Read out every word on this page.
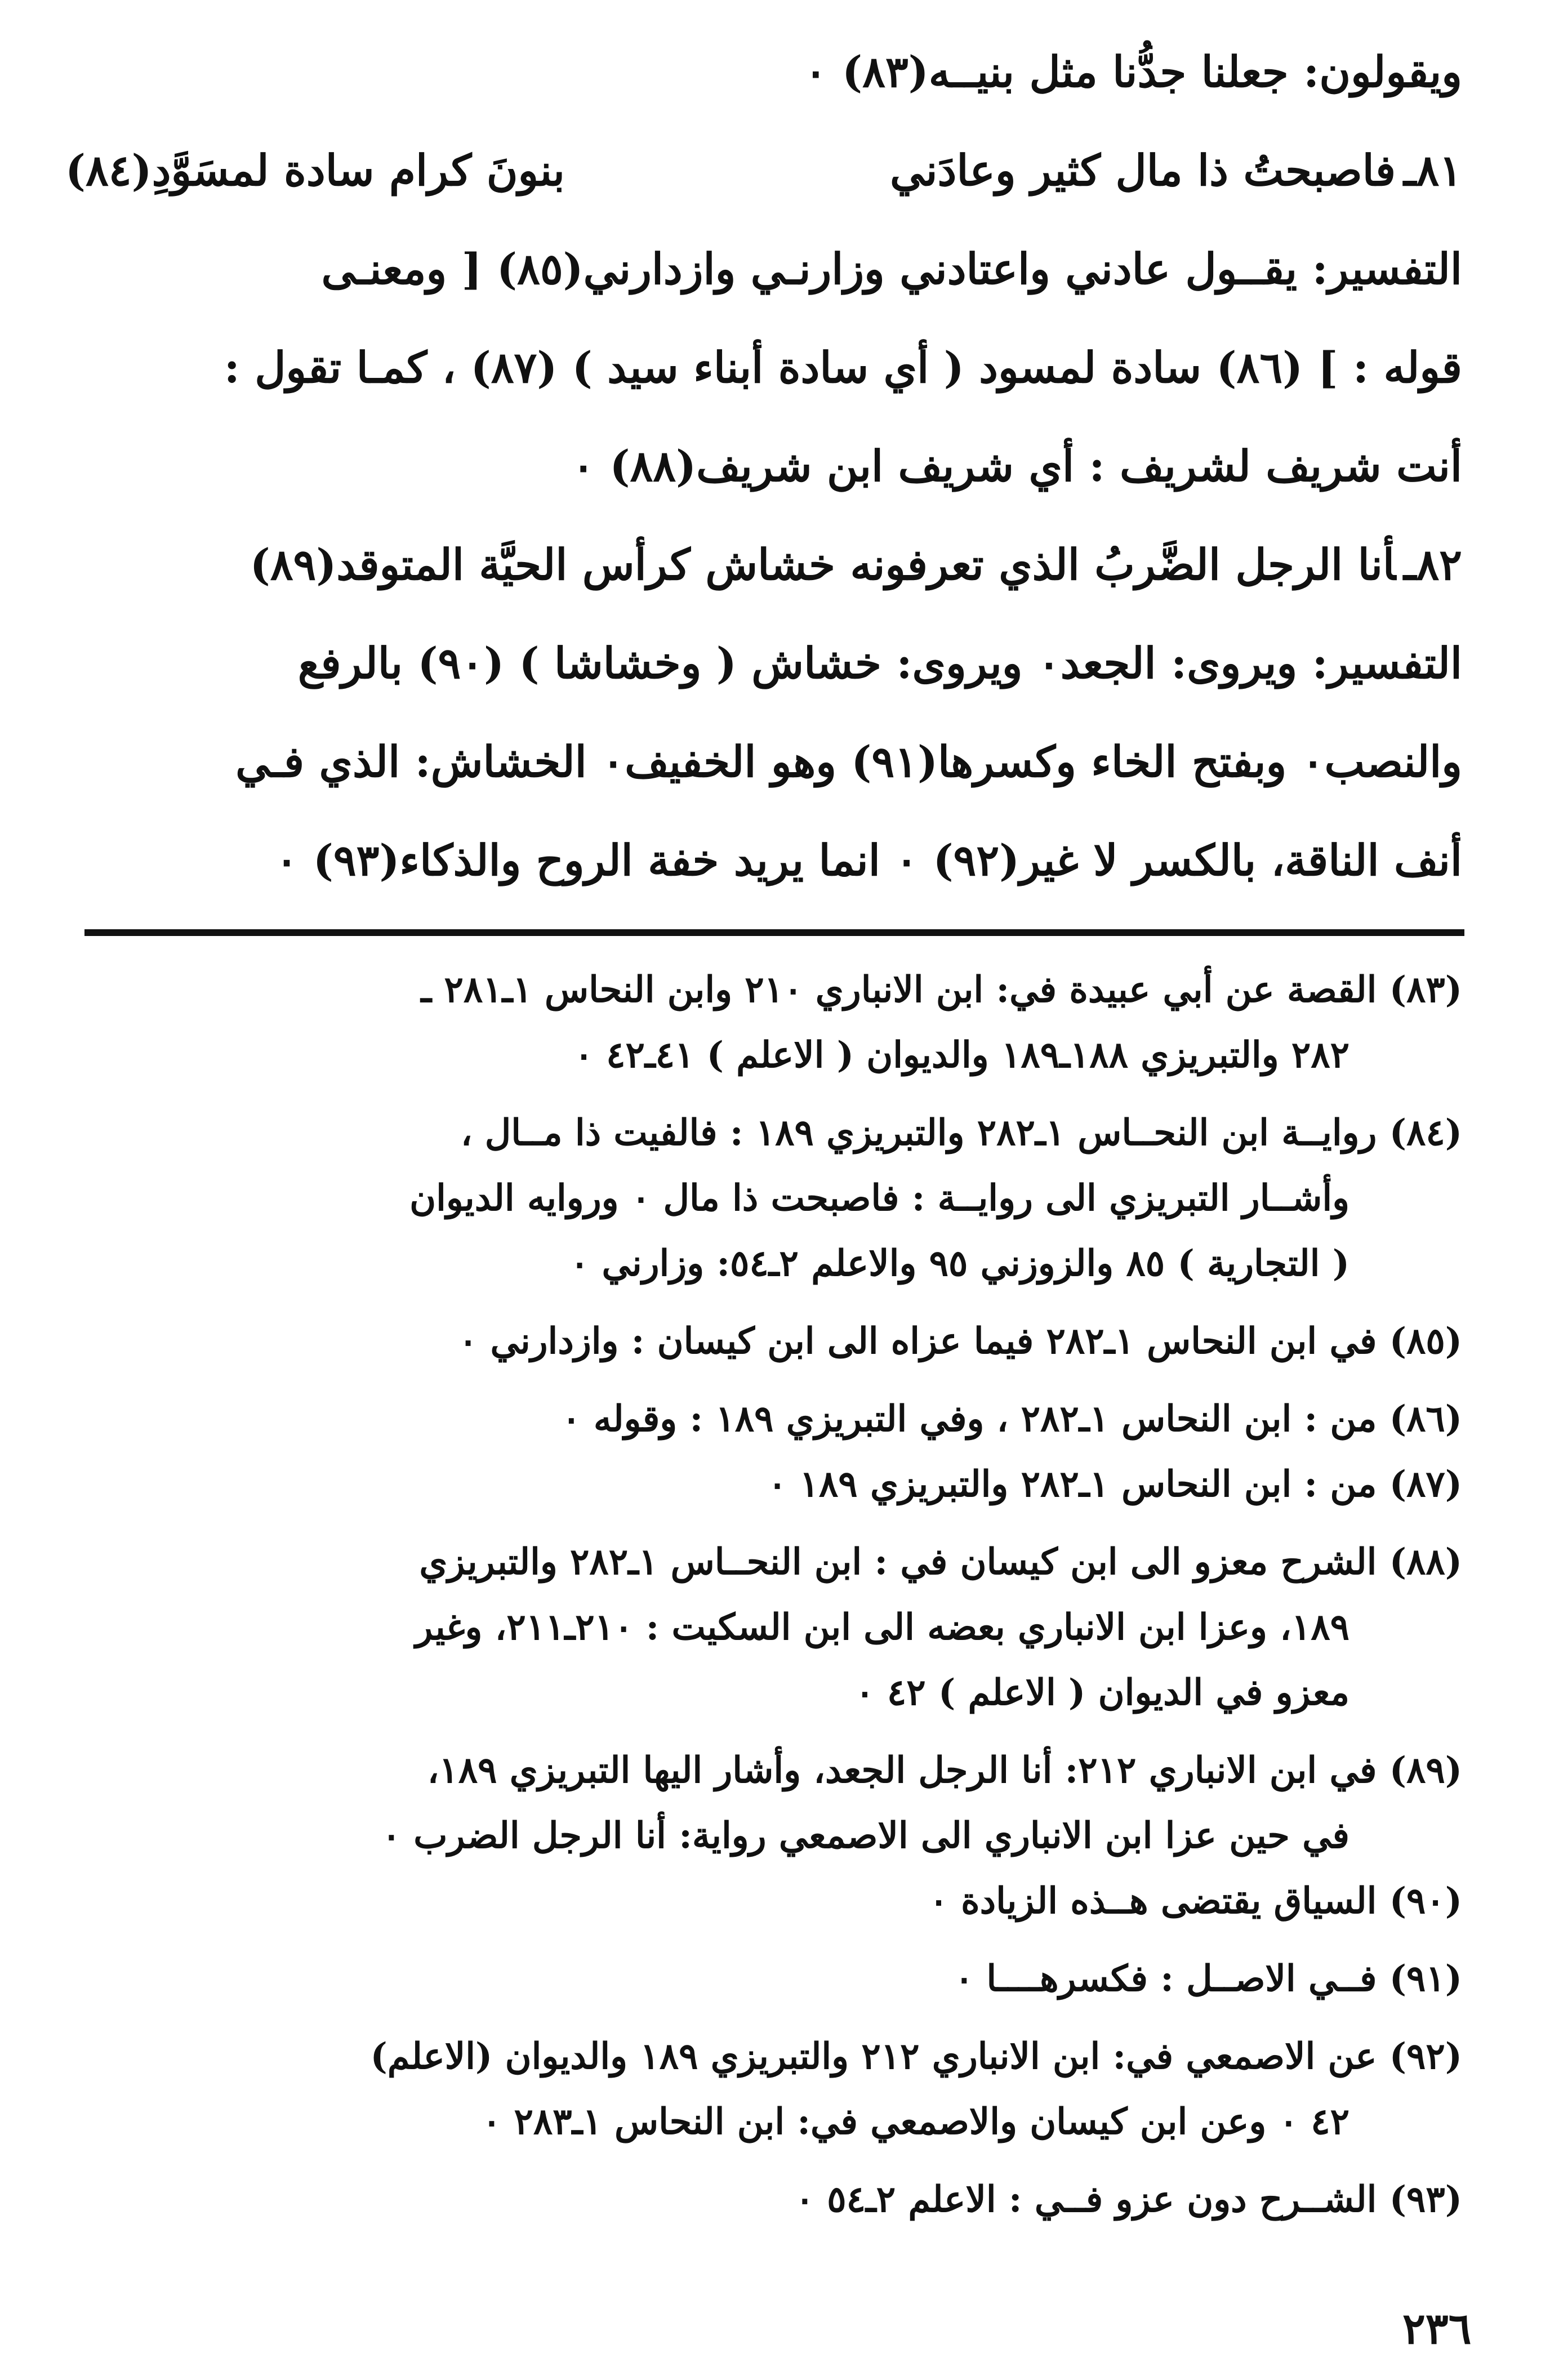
ويقولون: جعلنا جدُّنا مثل بنيــه(٨٣) ٠
٨١ـفاصبحتُ ذا مال كثير وعادَني
بنونَ كرام سادة لمسَوَّدِ(٨٤)
التفسير: يقــول عادني واعتادني وزارنـي وازدارني(٨٥) [ ومعنـى
قوله : ] (٨٦) سادة لمسود ( أي سادة أبناء سيد ) (٨٧) ، كمـا تقول :
أنت شريف لشريف : أي شريف ابن شريف(٨٨) ٠
٨٢ـأنا الرجل الضَّربُ الذي تعرفونه خشاش كرأس الحيَّة المتوقد(٨٩)
التفسير: ويروى: الجعد٠ ويروى: خشاش ( وخشاشا ) (٩٠) بالرفع
والنصب٠ وبفتح الخاء وكسرها(٩١) وهو الخفيف٠ الخشاش: الذي فـي
أنف الناقة، بالكسر لا غير(٩٢) ٠ انما يريد خفة الروح والذكاء(٩٣) ٠
(٨٣) القصة عن أبي عبيدة في: ابن الانباري ٢١٠ وابن النحاس ١ـ٢٨١ ـ
٢٨٢ والتبريزي ١٨٨ـ١٨٩ والديوان ( الاعلم ) ٤١ـ٤٢ ٠
(٨٤) روايــة ابن النحــاس ١ـ٢٨٢ والتبريزي ١٨٩ : فالفيت ذا مــال ،
وأشــار التبريزي الى روايــة : فاصبحت ذا مال ٠ وروايه الديوان
( التجارية ) ٨٥ والزوزني ٩٥ والاعلم ٢ـ٥٤: وزارني ٠
(٨٥) في ابن النحاس ١ـ٢٨٢ فيما عزاه الى ابن كيسان : وازدارني ٠
(٨٦) من : ابن النحاس ١ـ٢٨٢ ، وفي التبريزي ١٨٩ : وقوله ٠
(٨٧) من : ابن النحاس ١ـ٢٨٢ والتبريزي ١٨٩ ٠
(٨٨) الشرح معزو الى ابن كيسان في : ابن النحــاس ١ـ٢٨٢ والتبريزي
١٨٩، وعزا ابن الانباري بعضه الى ابن السكيت : ٢١٠ـ٢١١، وغير
معزو في الديوان ( الاعلم ) ٤٢ ٠
(٨٩) في ابن الانباري ٢١٢: أنا الرجل الجعد، وأشار اليها التبريزي ١٨٩،
في حين عزا ابن الانباري الى الاصمعي رواية: أنا الرجل الضرب ٠
(٩٠) السياق يقتضى هــذه الزيادة ٠
(٩١) فــي الاصــل : فكسرهــــا ٠
(٩٢) عن الاصمعي في: ابن الانباري ٢١٢ والتبريزي ١٨٩ والديوان (الاعلم)
٤٢ ٠ وعن ابن كيسان والاصمعي في: ابن النحاس ١ـ٢٨٣ ٠
(٩٣) الشــرح دون عزو فــي : الاعلم ٢ـ٥٤ ٠
٢٣٦
